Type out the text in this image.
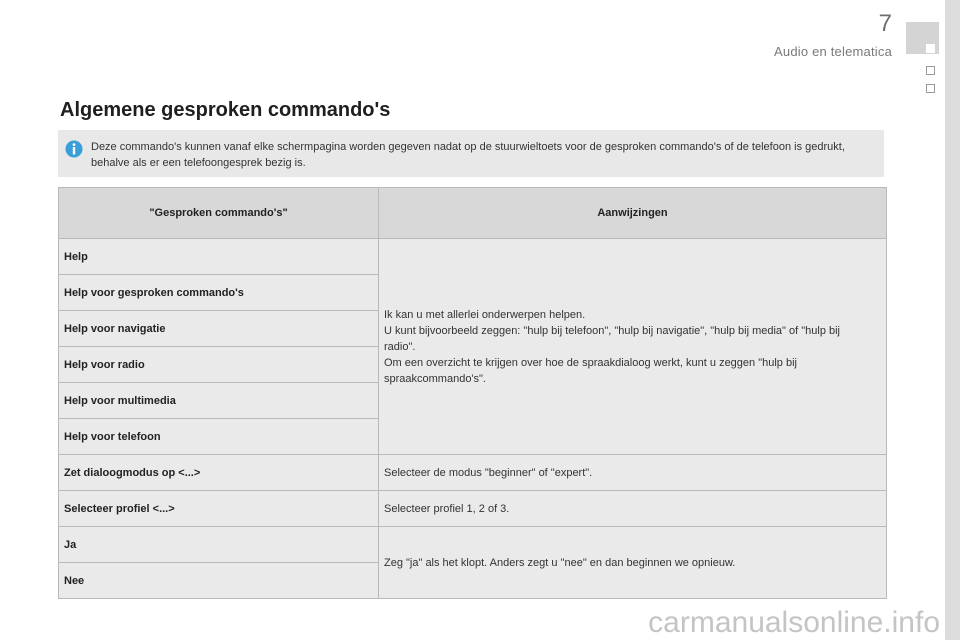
7
Audio en telematica
Algemene gesproken commando's
Deze commando's kunnen vanaf elke schermpagina worden gegeven nadat op de stuurwieltoets voor de gesproken commando's of de telefoon is gedrukt, behalve als er een telefoongesprek bezig is.
"Gesproken commando's"	Aanwijzingen
Help	Ik kan u met allerlei onderwerpen helpen.
U kunt bijvoorbeeld zeggen: "hulp bij telefoon", "hulp bij navigatie", "hulp bij media" of "hulp bij radio".
Om een overzicht te krijgen over hoe de spraakdialoog werkt, kunt u zeggen "hulp bij spraakcommando's".

Help voor gesproken commando's	
Help voor navigatie	
Help voor radio	
Help voor multimedia	
Help voor telefoon	
Zet dialoogmodus op <...>	Selecteer de modus "beginner" of "expert".
Selecteer profiel <...>	Selecteer profiel 1, 2 of 3.
Ja	Zeg "ja" als het klopt. Anders zegt u "nee" en dan beginnen we opnieuw.
Nee	
carmanualsonline.info
